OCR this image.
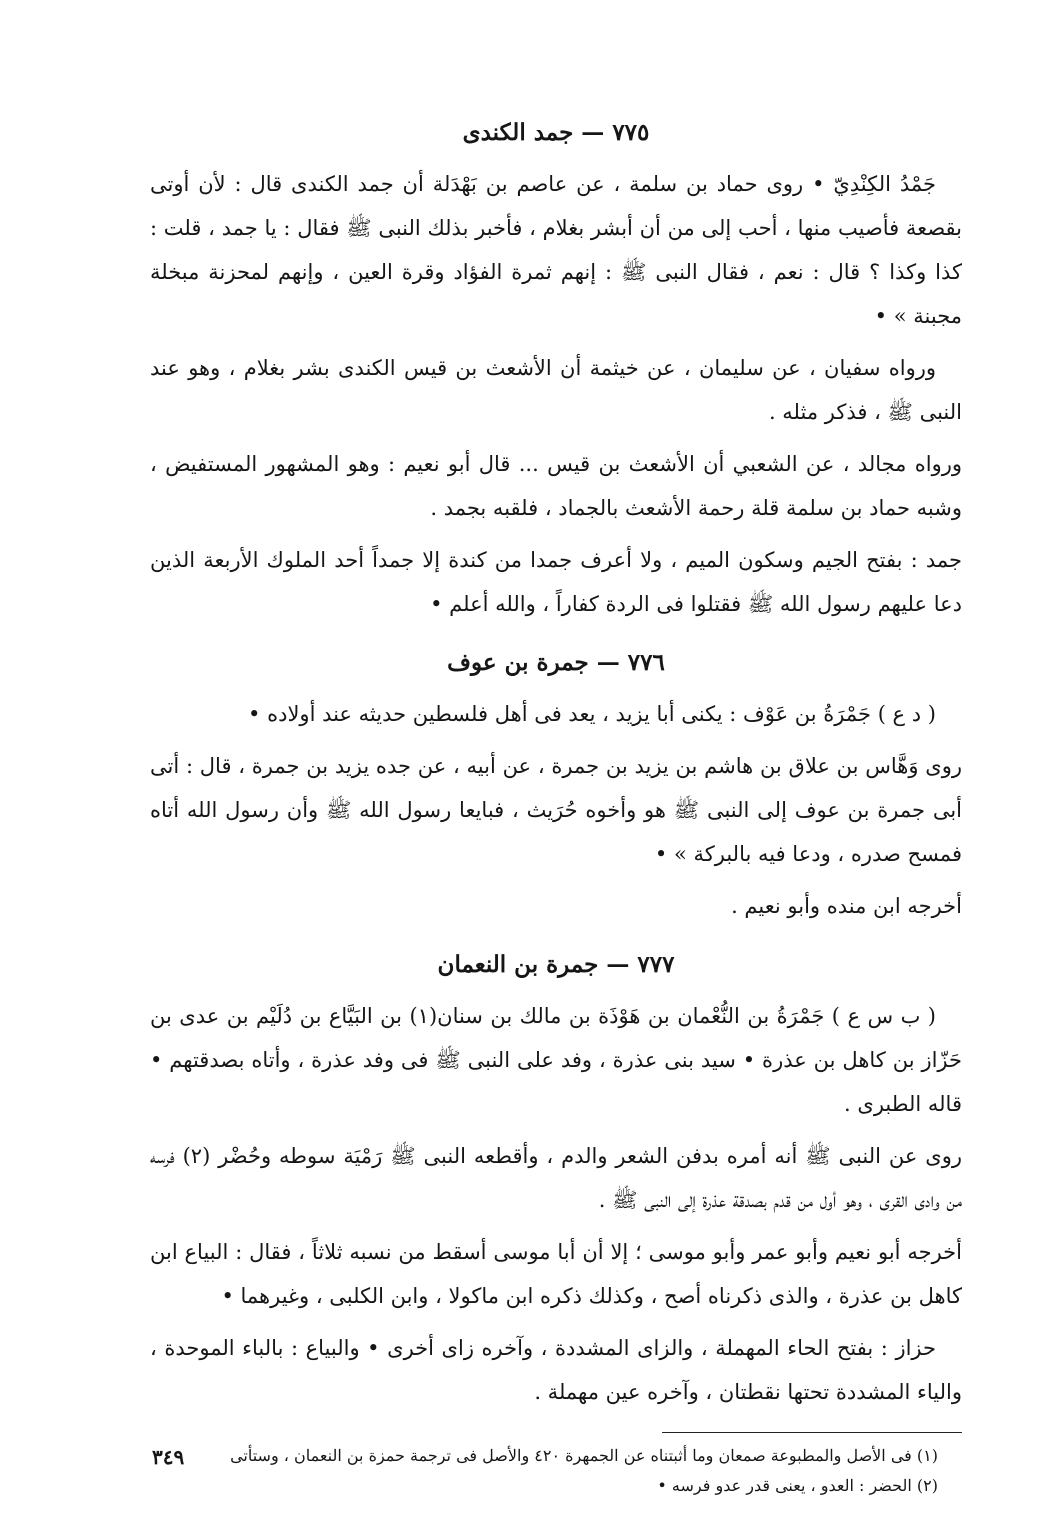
٧٧٥ — جمد الكندى

جَمْدُ الكِنْدِيّ • روى حماد بن سلمة ، عن عاصم بن بَهْدَلة أن جمد الكندى قال : لأن أوتى بقصعة فأصيب منها ، أحب إلى من أن أبشر بغلام ، فأخبر بذلك النبى ﷺ فقال : يا جمد ، قلت : كذا وكذا ؟ قال : نعم ، فقال النبى ﷺ : إنهم ثمرة الفؤاد وقرة العين ، وإنهم لمحزنة مبخلة مجبنة » •

ورواه سفيان ، عن سليمان ، عن خيثمة أن الأشعث بن قيس الكندى بشر بغلام ، وهو عند النبى ﷺ ، فذكر مثله .

ورواه مجالد ، عن الشعبي أن الأشعث بن قيس ... قال أبو نعيم : وهو المشهور المستفيض ، وشبه حماد بن سلمة قلة رحمة الأشعث بالجماد ، فلقبه بجمد .

جمد : بفتح الجيم وسكون الميم ، ولا أعرف جمدا من كندة إلا جمداً أحد الملوك الأربعة الذين دعا عليهم رسول الله ﷺ فقتلوا فى الردة كفاراً ، والله أعلم •

٧٧٦ — جمرة بن عوف

( د ع ) جَمْرَةُ بن عَوْف : يكنى أبا يزيد ، يعد فى أهل فلسطين حديثه عند أولاده •

روى وَهَّاس بن علاق بن هاشم بن يزيد بن جمرة ، عن أبيه ، عن جده يزيد بن جمرة ، قال : أتى أبى جمرة بن عوف إلى النبى ﷺ هو وأخوه حُرَيث ، فبايعا رسول الله ﷺ وأن رسول الله أتاه فمسح صدره ، ودعا فيه بالبركة » •

أخرجه ابن منده وأبو نعيم .

٧٧٧ — جمرة بن النعمان

( ب س ع ) جَمْرَةُ بن النُّعْمان بن هَوْذَة بن مالك بن سنان(١) بن البَيَّاع بن دُلَيْم بن عدى بن حَزّاز بن كاهل بن عذرة • سيد بنى عذرة ، وفد على النبى ﷺ فى وفد عذرة ، وأتاه بصدقتهم • قاله الطبرى .

روى عن النبى ﷺ أنه أمره بدفن الشعر والدم ، وأقطعه النبى ﷺ رَمْيَة سوطه وحُضْر (٢) فرسه من وادى القرى ، وهو أول من قدم بصدقة عذرة إلى النبى ﷺ .

أخرجه أبو نعيم وأبو عمر وأبو موسى ؛ إلا أن أبا موسى أسقط من نسبه ثلاثاً ، فقال : البياع ابن كاهل بن عذرة ، والذى ذكرناه أصح ، وكذلك ذكره ابن ماكولا ، وابن الكلبى ، وغيرهما •

حزاز : بفتح الحاء المهملة ، والزاى المشددة ، وآخره زاى أخرى • والبياع : بالباء الموحدة ، والياء المشددة تحتها نقطتان ، وآخره عين مهملة .

(١) فى الأصل والمطبوعة صمعان وما أثبتناه عن الجمهرة ٤٢٠ والأصل فى ترجمة حمزة بن النعمان ، وستأتى

(٢) الحضر : العدو ، يعنى قدر عدو فرسه •

٣٤٩
